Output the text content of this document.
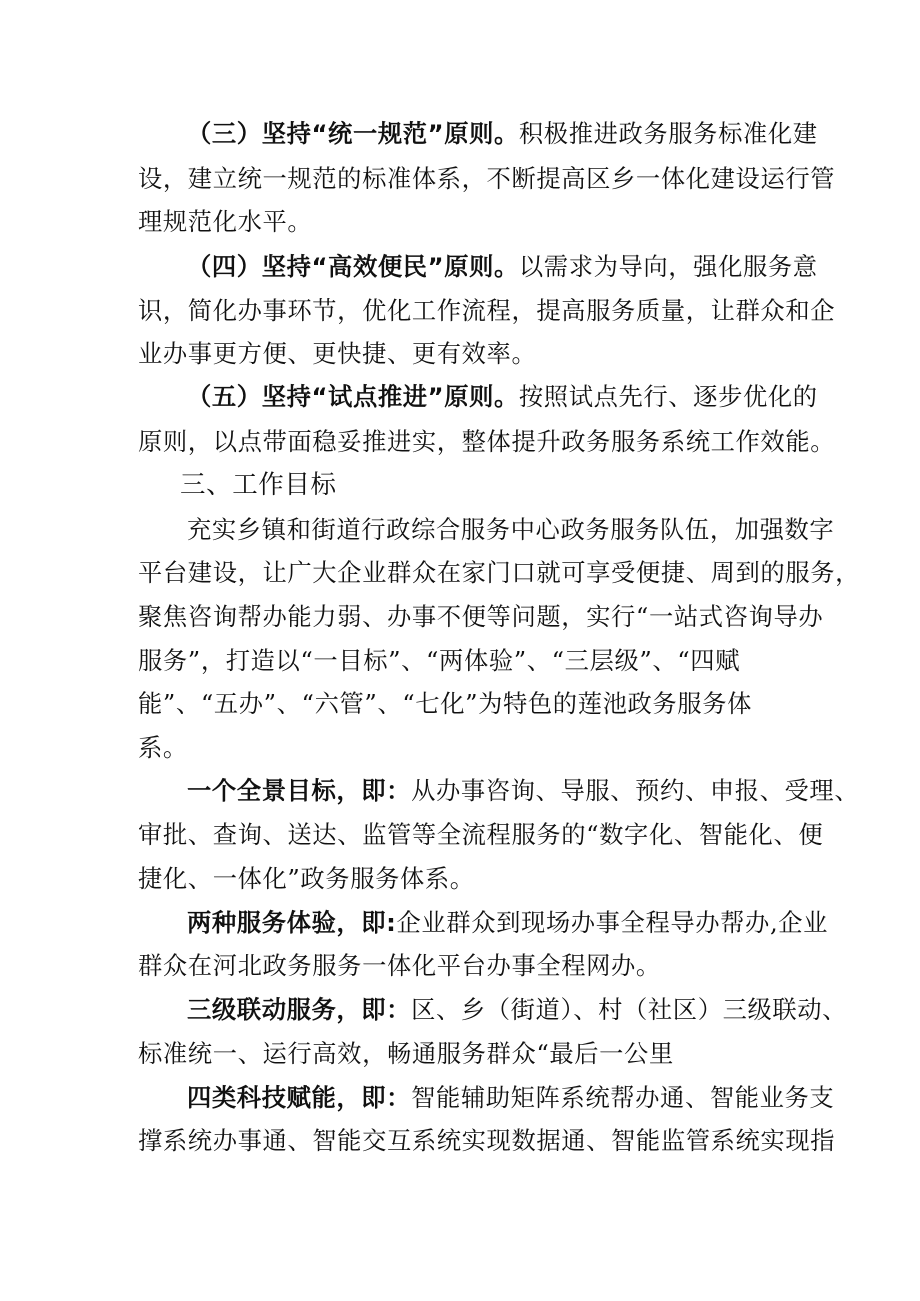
（三）坚持“统一规范”原则。积极推进政务服务标准化建
设，建立统一规范的标准体系，不断提高区乡一体化建设运行管
理规范化水平。
（四）坚持“高效便民”原则。以需求为导向，强化服务意
识，简化办事环节，优化工作流程，提高服务质量，让群众和企
业办事更方便、更快捷、更有效率。
（五）坚持“试点推进”原则。按照试点先行、逐步优化的
原则，以点带面稳妥推进实，整体提升政务服务系统工作效能。
三、工作目标
充实乡镇和街道行政综合服务中心政务服务队伍，加强数字
平台建设，让广大企业群众在家门口就可享受便捷、周到的服务，
聚焦咨询帮办能力弱、办事不便等问题，实行“一站式咨询导办
服务”，打造以“一目标”、“两体验”、“三层级”、“四赋
能”、“五办”、“六管”、“七化”为特色的莲池政务服务体
系。
一个全景目标，即：从办事咨询、导服、预约、申报、受理、
审批、查询、送达、监管等全流程服务的“数字化、智能化、便
捷化、一体化”政务服务体系。
两种服务体验，即:企业群众到现场办事全程导办帮办,企业
群众在河北政务服务一体化平台办事全程网办。
三级联动服务，即：区、乡（街道）、村（社区）三级联动、
标准统一、运行高效，畅通服务群众“最后一公里
四类科技赋能，即：智能辅助矩阵系统帮办通、智能业务支
撑系统办事通、智能交互系统实现数据通、智能监管系统实现指
